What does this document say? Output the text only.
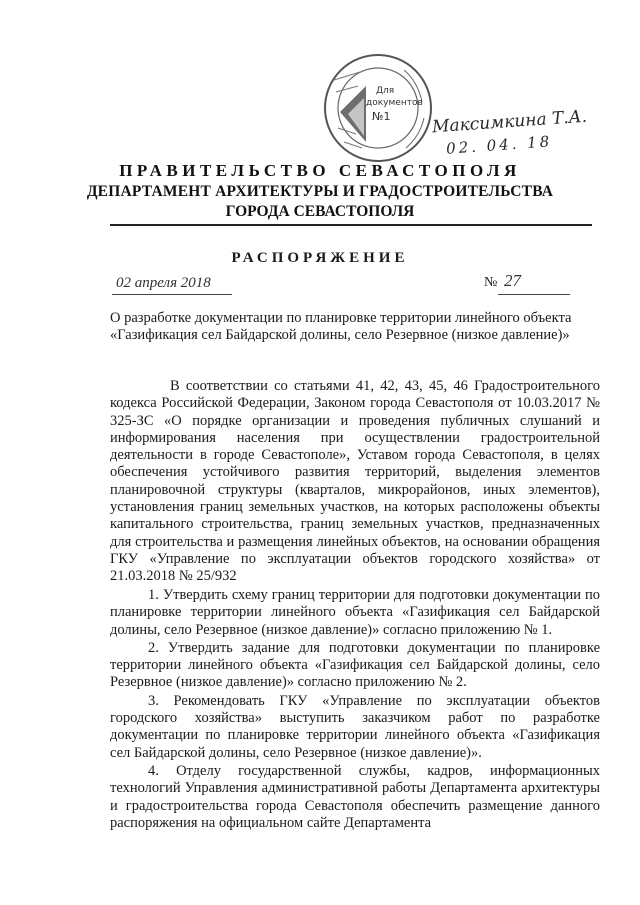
Для
документов
№1 Максимкина Т.А.
02. 04. 18
ПРАВИТЕЛЬСТВО СЕВАСТОПОЛЯ
ДЕПАРТАМЕНТ АРХИТЕКТУРЫ И ГРАДОСТРОИТЕЛЬСТВА
ГОРОДА СЕВАСТОПОЛЯ
РАСПОРЯЖЕНИЕ
02 апреля 2018	№ 27
О разработке документации по планировке территории линейного объекта
«Газификация сел Байдарской долины, село Резервное (низкое давление)»
В соответствии со статьями 41, 42, 43, 45, 46 Градостроительного кодекса Российской Федерации, Законом города Севастополя от 10.03.2017 № 325-ЗС «О порядке организации и проведения публичных слушаний и информирования населения при осуществлении градостроительной деятельности в городе Севастополе», Уставом города Севастополя, в целях обеспечения устойчивого развития территорий, выделения элементов планировочной структуры (кварталов, микрорайонов, иных элементов), установления границ земельных участков, на которых расположены объекты капитального строительства, границ земельных участков, предназначенных для строительства и размещения линейных объектов, на основании обращения ГКУ «Управление по эксплуатации объектов городского хозяйства» от 21.03.2018 № 25/932

1. Утвердить схему границ территории для подготовки документации по планировке территории линейного объекта «Газификация сел Байдарской долины, село Резервное (низкое давление)» согласно приложению № 1.

2. Утвердить задание для подготовки документации по планировке территории линейного объекта «Газификация сел Байдарской долины, село Резервное (низкое давление)» согласно приложению № 2.

3. Рекомендовать ГКУ «Управление по эксплуатации объектов городского хозяйства» выступить заказчиком работ по разработке документации по планировке территории линейного объекта «Газификация сел Байдарской долины, село Резервное (низкое давление)».

4. Отделу государственной службы, кадров, информационных технологий Управления административной работы Департамента архитектуры и градостроительства города Севастополя обеспечить размещение данного распоряжения на официальном сайте Департамента
